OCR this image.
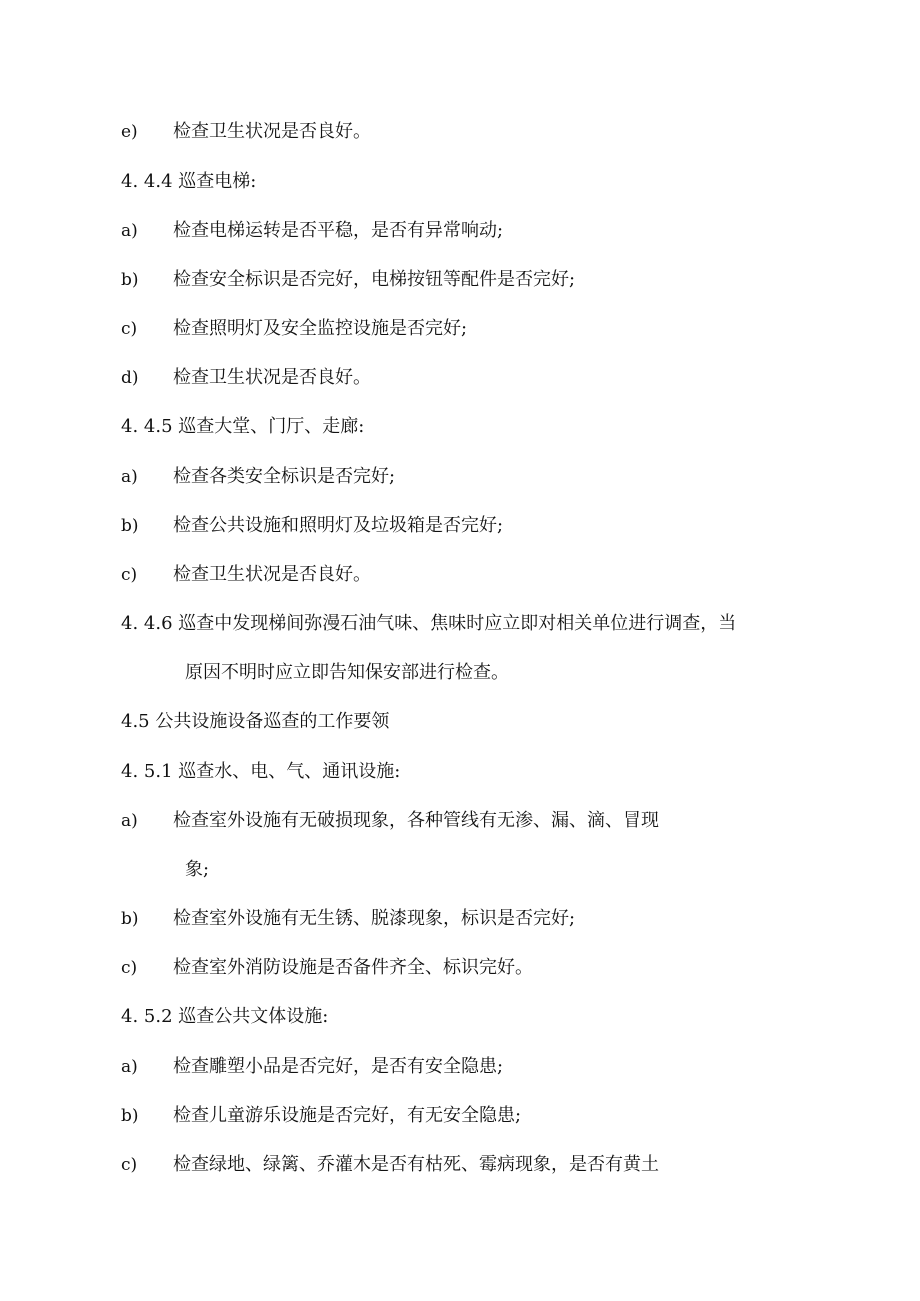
e) 检查卫生状况是否良好。
4. 4.4 巡查电梯:
a) 检查电梯运转是否平稳，是否有异常响动;
b) 检查安全标识是否完好，电梯按钮等配件是否完好;
c) 检查照明灯及安全监控设施是否完好;
d) 检查卫生状况是否良好。
4. 4.5 巡查大堂、门厅、走廊:
a) 检查各类安全标识是否完好;
b) 检查公共设施和照明灯及垃圾箱是否完好;
c) 检查卫生状况是否良好。
4. 4.6 巡查中发现梯间弥漫石油气味、焦味时应立即对相关单位进行调查，当
原因不明时应立即告知保安部进行检查。
4.5 公共设施设备巡查的工作要领
4. 5.1 巡查水、电、气、通讯设施:
a) 检查室外设施有无破损现象，各种管线有无渗、漏、滴、冒现
象;
b) 检查室外设施有无生锈、脱漆现象，标识是否完好;
c) 检查室外消防设施是否备件齐全、标识完好。
4. 5.2 巡查公共文体设施:
a) 检查雕塑小品是否完好，是否有安全隐患;
b) 检查儿童游乐设施是否完好，有无安全隐患;
c) 检查绿地、绿篱、乔灌木是否有枯死、霉病现象，是否有黄土
